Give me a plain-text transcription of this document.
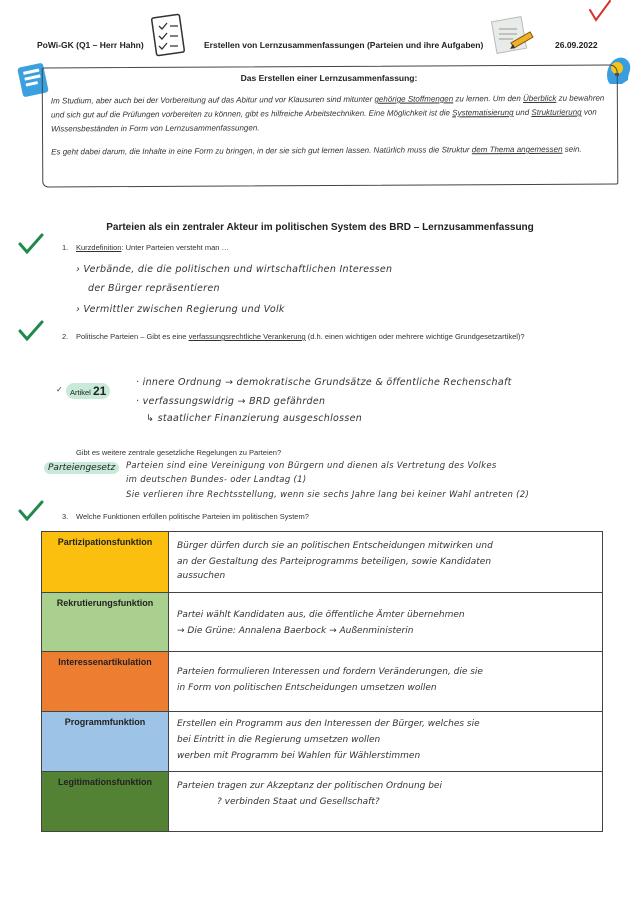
PoWi-GK (Q1 – Herr Hahn)	Erstellen von Lernzusammenfassungen (Parteien und ihre Aufgaben)	26.09.2022

Im Studium, aber auch bei der Vorbereitung auf das Abitur und vor Klausuren sind mitunter gehörige Stoffmengen zu lernen. Um den Überblick zu bewahren und sich gut auf die Prüfungen vorbereiten zu können, gibt es hilfreiche Arbeitstechniken. Eine Möglichkeit ist die Systematisierung und Strukturierung von Wissensbeständen in Form von Lernzusammenfassungen.

Es geht dabei darum, die Inhalte in eine Form zu bringen, in der sie sich gut lernen lassen. Natürlich muss die Struktur dem Thema angemessen sein.

Das Erstellen einer Lernzusammenfassung:
Parteien als ein zentraler Akteur im politischen System des BRD – Lernzusammenfassung
1. Kurzdefinition: Unter Parteien versteht man …
› Verbände, die die politischen und wirtschaftlichen Interessen
der Bürger repräsentieren
› Vermittler zwischen Regierung und Volk
2. Politische Parteien – Gibt es eine verfassungsrechtliche Verankerung (d.h. einen wichtigen oder mehrere wichtige Grundgesetzartikel)?
✓ Artikel 21
· innere Ordnung → demokratische Grundsätze & öffentliche Rechenschaft
· verfassungswidrig → BRD gefährden
↳ staatlicher Finanzierung ausgeschlossen
Gibt es weitere zentrale gesetzliche Regelungen zu Parteien?
Parteiengesetz	Parteien sind eine Vereinigung von Bürgern und dienen als Vertretung des Volkes
im deutschen Bundes- oder Landtag (1)
Sie verlieren ihre Rechtsstellung, wenn sie sechs Jahre lang bei keiner Wahl antreten (2)
3. Welche Funktionen erfüllen politische Parteien im politischen System?
Partizipationsfunktion	Bürger dürfen durch sie an politischen Entscheidungen mitwirken und
an der Gestaltung des Parteiprogramms beteiligen, sowie Kandidaten
aussuchen

Rekrutierungsfunktion	Partei wählt Kandidaten aus, die öffentliche Ämter übernehmen
→ Die Grüne: Annalena Baerbock → Außenministerin

Interessenartikulation	Parteien formulieren Interessen und fordern Veränderungen, die sie
in Form von politischen Entscheidungen umsetzen wollen

Programmfunktion	Erstellen ein Programm aus den Interessen der Bürger, welches sie
bei Eintritt in die Regierung umsetzen wollen
werben mit Programm bei Wahlen für Wählerstimmen

Legitimationsfunktion	Parteien tragen zur Akzeptanz der politischen Ordnung bei
? verbinden Staat und Gesellschaft?
